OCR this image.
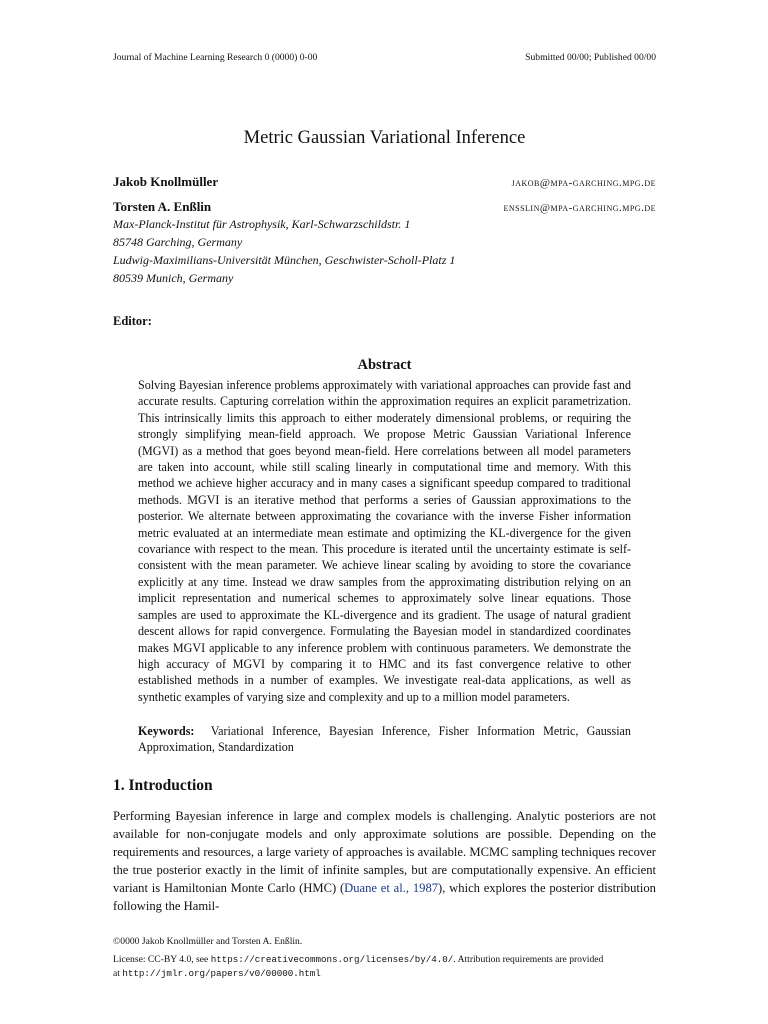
Journal of Machine Learning Research 0 (0000) 0-00	Submitted 00/00; Published 00/00
Metric Gaussian Variational Inference
Jakob Knollmüller	jakob@mpa-garching.mpg.de
Torsten A. Enßlin	ensslin@mpa-garching.mpg.de
Max-Planck-Institut für Astrophysik, Karl-Schwarzschildstr. 1
85748 Garching, Germany
Ludwig-Maximilians-Universität München, Geschwister-Scholl-Platz 1
80539 Munich, Germany
Editor:
Abstract
Solving Bayesian inference problems approximately with variational approaches can provide fast and accurate results. Capturing correlation within the approximation requires an explicit parametrization. This intrinsically limits this approach to either moderately dimensional problems, or requiring the strongly simplifying mean-field approach. We propose Metric Gaussian Variational Inference (MGVI) as a method that goes beyond mean-field. Here correlations between all model parameters are taken into account, while still scaling linearly in computational time and memory. With this method we achieve higher accuracy and in many cases a significant speedup compared to traditional methods. MGVI is an iterative method that performs a series of Gaussian approximations to the posterior. We alternate between approximating the covariance with the inverse Fisher information metric evaluated at an intermediate mean estimate and optimizing the KL-divergence for the given covariance with respect to the mean. This procedure is iterated until the uncertainty estimate is self-consistent with the mean parameter. We achieve linear scaling by avoiding to store the covariance explicitly at any time. Instead we draw samples from the approximating distribution relying on an implicit representation and numerical schemes to approximately solve linear equations. Those samples are used to approximate the KL-divergence and its gradient. The usage of natural gradient descent allows for rapid convergence. Formulating the Bayesian model in standardized coordinates makes MGVI applicable to any inference problem with continuous parameters. We demonstrate the high accuracy of MGVI by comparing it to HMC and its fast convergence relative to other established methods in a number of examples. We investigate real-data applications, as well as synthetic examples of varying size and complexity and up to a million model parameters.
Keywords: Variational Inference, Bayesian Inference, Fisher Information Metric, Gaussian Approximation, Standardization
1. Introduction
Performing Bayesian inference in large and complex models is challenging. Analytic posteriors are not available for non-conjugate models and only approximate solutions are possible. Depending on the requirements and resources, a large variety of approaches is available. MCMC sampling techniques recover the true posterior exactly in the limit of infinite samples, but are computationally expensive. An efficient variant is Hamiltonian Monte Carlo (HMC) (Duane et al., 1987), which explores the posterior distribution following the Hamil-
©0000 Jakob Knollmüller and Torsten A. Enßlin.
License: CC-BY 4.0, see https://creativecommons.org/licenses/by/4.0/. Attribution requirements are provided
at http://jmlr.org/papers/v0/00000.html
